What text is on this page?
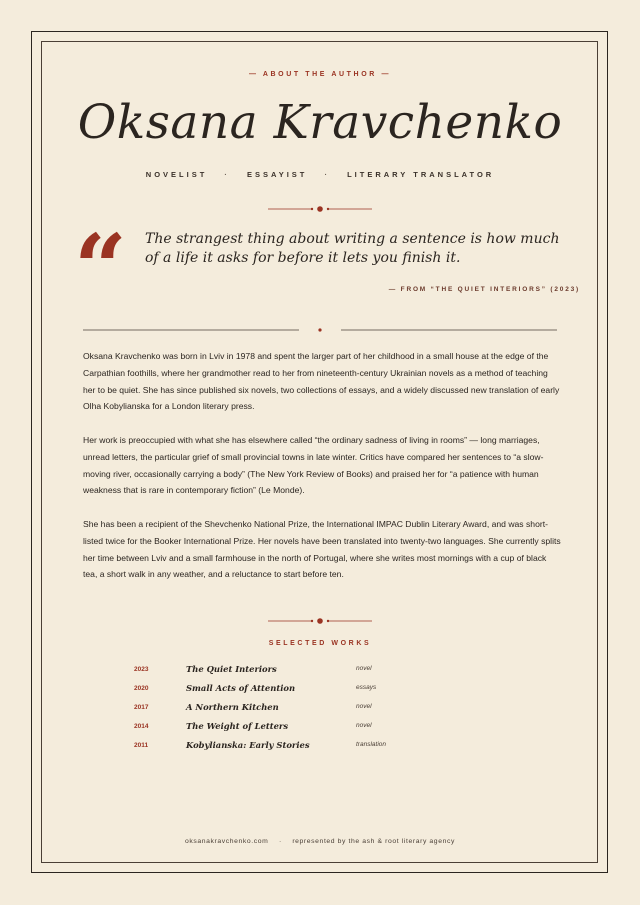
— ABOUT THE AUTHOR —
Oksana Kravchenko
NOVELIST · ESSAYIST · LITERARY TRANSLATOR
“ The strangest thing about writing a sentence is how much of a life it asks for before it lets you finish it.
— FROM “THE QUIET INTERIORS” (2023)

Oksana Kravchenko was born in Lviv in 1978 and spent the larger part of her childhood in a small house at the edge of the Carpathian foothills, where her grandmother read to her from nineteenth-century Ukrainian novels as a method of teaching her to be quiet. She has since published six novels, two collections of essays, and a widely discussed new translation of early Olha Kobylianska for a London literary press.

Her work is preoccupied with what she has elsewhere called “the ordinary sadness of living in rooms” — long marriages, unread letters, the particular grief of small provincial towns in late winter. Critics have compared her sentences to “a slow-moving river, occasionally carrying a body” (The New York Review of Books) and praised her for “a patience with human weakness that is rare in contemporary fiction” (Le Monde).

She has been a recipient of the Shevchenko National Prize, the International IMPAC Dublin Literary Award, and was short-listed twice for the Booker International Prize. Her novels have been translated into twenty-two languages. She currently splits her time between Lviv and a small farmhouse in the north of Portugal, where she writes most mornings with a cup of black tea, a short walk in any weather, and a reluctance to start before ten.

SELECTED WORKS
2023	The Quiet Interiors	novel
2020	Small Acts of Attention	essays
2017	A Northern Kitchen	novel
2014	The Weight of Letters	novel
2011	Kobylianska: Early Stories	translation
oksanakravchenko.com · represented by the ash & root literary agency
